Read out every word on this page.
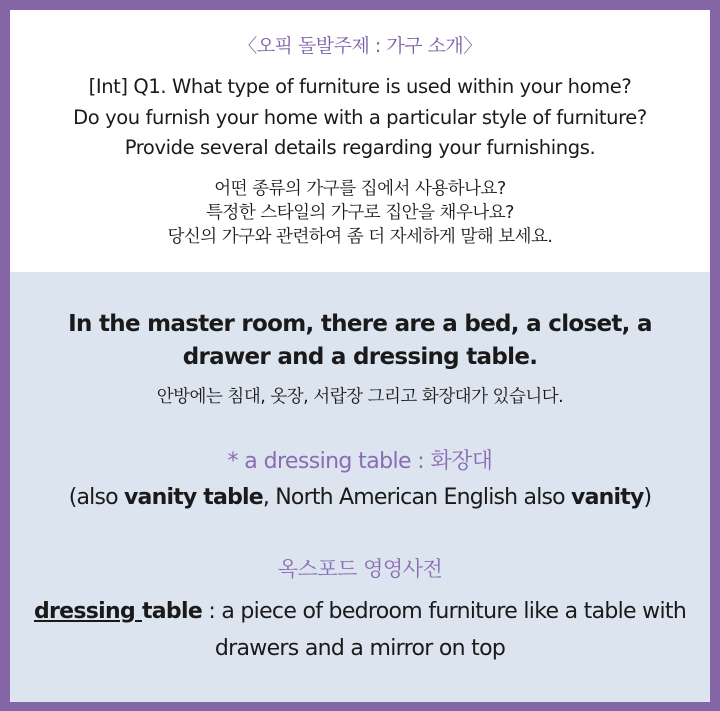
〈오픽 돌발주제 : 가구 소개〉
[Int] Q1. What type of furniture is used within your home?
Do you furnish your home with a particular style of furniture?
Provide several details regarding your furnishings.
어떤 종류의 가구를 집에서 사용하나요?
특정한 스타일의 가구로 집안을 채우나요?
당신의 가구와 관련하여 좀 더 자세하게 말해 보세요.
In the master room, there are a bed, a closet, a drawer and a dressing table.
안방에는 침대, 옷장, 서랍장 그리고 화장대가 있습니다.
* a dressing table : 화장대
(also vanity table, North American English also vanity)
옥스포드 영영사전
dressing table : a piece of bedroom furniture like a table with drawers and a mirror on top
